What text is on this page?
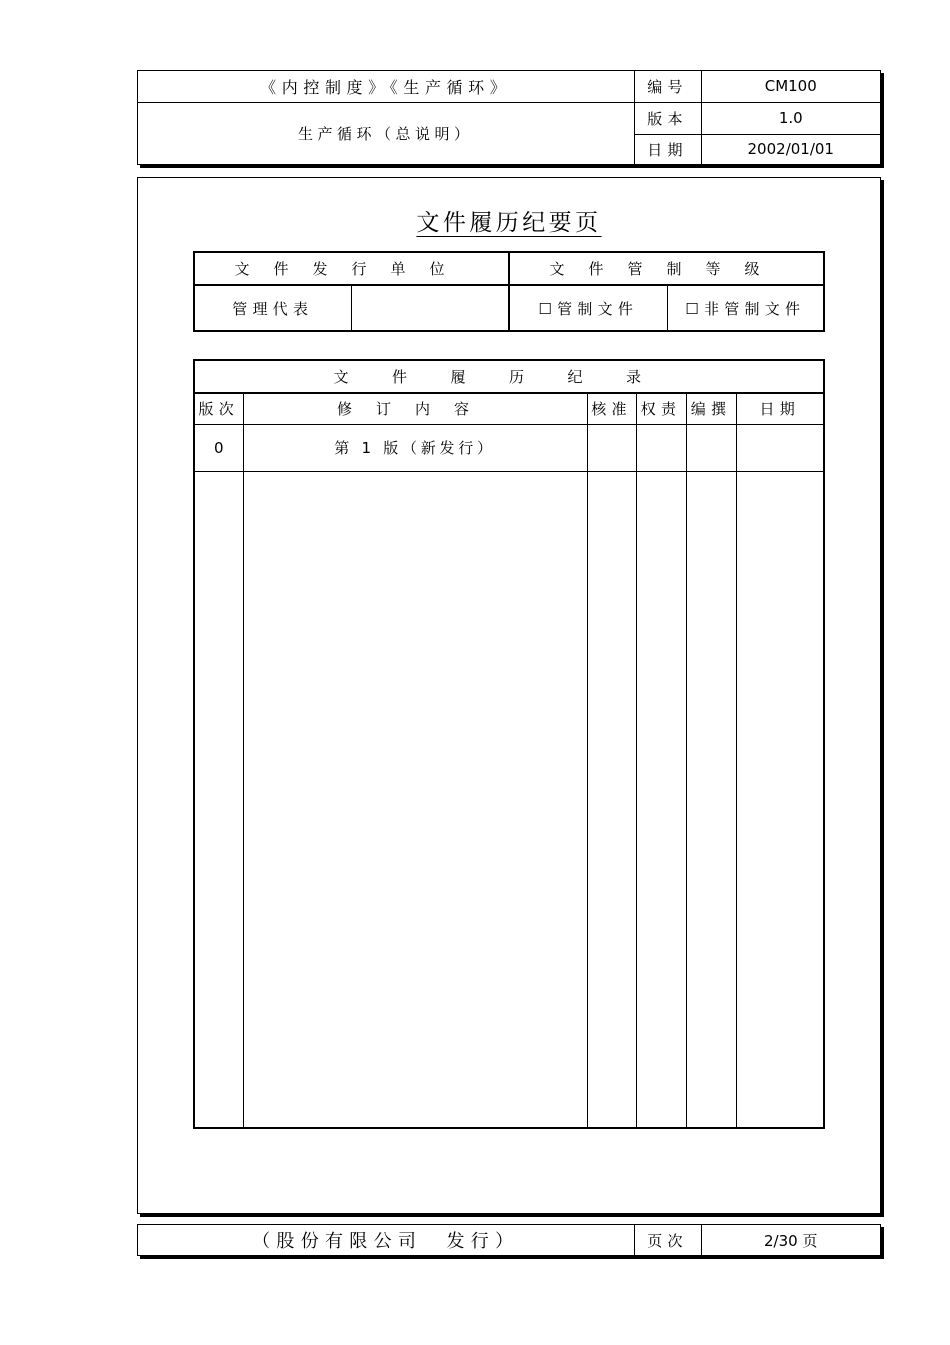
《内控制度》《生产循环》	编号	CM100
生产循环（总说明）	版本	1.0
	日期	2002/01/01
文件履历纪要页
文件发行单位		文件管制等级	
管理代表		☐管制文件	☐非管制文件
文件履历纪录					
版次	修订内容	核准	权责	编撰	日期
0	第 1 版（新发行）				

（股份有限公司　发行）	页次	2/30 页
